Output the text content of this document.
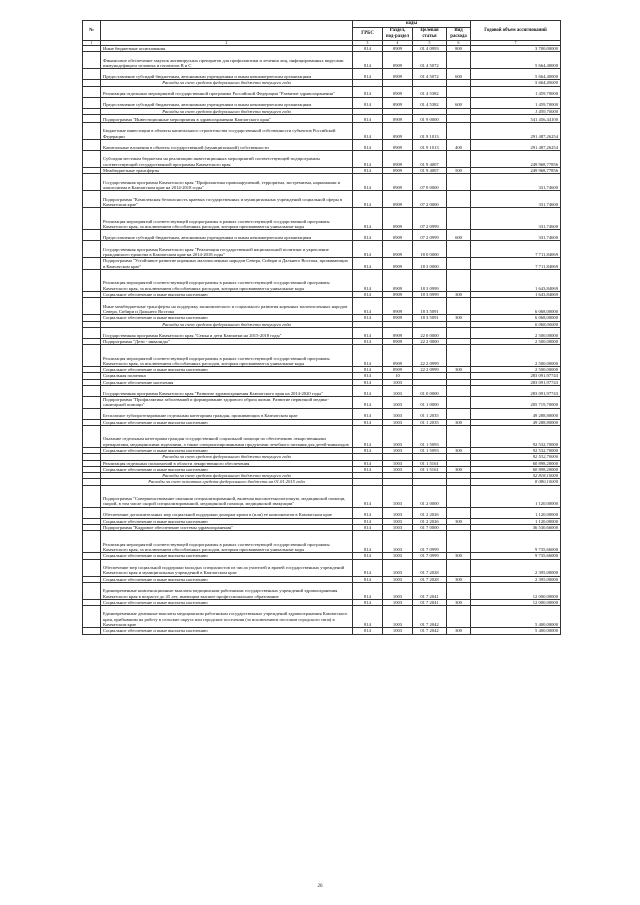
№		коды				Годовой объем ассигнований
		ГРБС	Раздел, под-раздел	Целевая статья	Вид расхода	
1	2	3	4	5	6	7
	Иные бюджетные ассигнования	814	0909	01 4 0993	800	3 700,00000
	Финансовое обеспечение закупок антивирусных препаратов для профилактики и лечения лиц, инфицированных вирусами иммунодефицита человека и гепатитов В и С	814	0909	01 4 5072		5 664,40000
	Предоставление субсидий бюджетным, автономным учреждениям и иным некоммерческим организациям	814	0909	01 4 5072	600	5 664,40000
	Расходы за счет средств федерального бюджета текущего года					5 664,40000
	Реализация отдельных мероприятий государственной программы Российской Федерации "Развитие здравоохранения"	814	0909	01 4 5382		1 459,70000
	Предоставление субсидий бюджетным, автономным учреждениям и иным некоммерческим организациям	814	0909	01 4 5382	600	1 459,70000
	Расходы за счет средств федерального бюджета текущего года					1 459,70000
	Подпрограмма "Инвестиционные мероприятия в здравоохранении Камчатского края"	814	0909	01 9 0000		541 456,44100
	Бюджетные инвестиции в объекты капитального строительства государственной собственности субъектов Российской Федерации	814	0909	01 9 1013		291 487,26254
	Капитальные вложения в объекты государственной (муниципальной) собственности	814	0909	01 9 1013	400	291 487,26254
	Субсидии местным бюджетам на реализацию инвестиционных мероприятий соответствующей подпрограммы соответствующей государственной программы Камчатского края	814	0909	01 9 4007		249 968,77856
	Межбюджетные трансферты	814	0909	01 9 4007	500	249 968,77856
	Государственная программа Камчатского края "Профилактика правонарушений, терроризма, экстремизма, наркомании и алкоголизма в Камчатском крае на 2014-2018 годы"	814	0909	07 0 0000		331,74600
	Подпрограмма "Комплексная безопасность краевых государственных и муниципальных учреждений социальной сферы в Камчатском крае"	814	0909	07 2 0000		331,74600
	Реализация мероприятий соответствующей подпрограммы в рамках соответствующей государственной программы Камчатского края, за исключением обособленных расходов, которым присваиваются уникальные коды	814	0909	07 2 0999		331,74600
	Предоставление субсидий бюджетным, автономным учреждениям и иным некоммерческим организациям	814	0909	07 2 0999	600	331,74600
	Государственная программа Камчатского края "Реализация государственной национальной политики и укрепление гражданского единства в Камчатском крае на 2014-2018 годы"	814	0909	18 0 0000		7 711,84069
	Подпрограмма "Устойчивое развитие коренных малочисленных народов Севера, Сибири и Дальнего Востока, проживающих в Камчатском крае"	814	0909	18 3 0000		7 711,84069
	Реализация мероприятий соответствующей подпрограммы в рамках соответствующей государственной программы Камчатского края, за исключением обособленных расходов, которым присваиваются уникальные коды	814	0909	18 3 0999		1 643,84069
	Социальное обеспечение и иные выплаты населению	814	0909	18 3 0999	300	1 643,84069
	Иные межбюджетные трансферты на поддержку экономического и социального развития коренных малочисленных народов Севера, Сибири и Дальнего Востока	814	0909	18 3 5091		6 068,00000
	Социальное обеспечение и иные выплаты населению	814	0909	18 3 5091	300	6 068,00000
	Расходы за счет средств федерального бюджета текущего года					6 068,00000
	Государственная программа Камчатского края "Семья и дети Камчатки на 2015-2018 годы"	814	0909	22 0 0000		2 500,00000
	Подпрограмма "Дети - инвалиды"	814	0909	22 2 0000		2 500,00000
	Реализация мероприятий соответствующей подпрограммы в рамках соответствующей государственной программы Камчатского края, за исключением обособленных расходов, которым присваиваются уникальные коды	814	0909	22 2 0999		2 500,00000
	Социальное обеспечение и иные выплаты населению	814	0909	22 2 0999	300	2 500,00000
	Социальная политика	814	10			283 091,97743
	Социальное обеспечение населения	814	1003			283 091,97743
	Государственная программа Камчатского края "Развитие здравоохранения Камчатского края на 2014-2020 годы"	814	1003	01 0 0000		283 091,97743
	Подпрограмма "Профилактика заболеваний и формирование здорового образа жизни. Развитие первичной медико-санитарной помощи"	814	1003	01 1 0000		205 719,70000
	Бесплатное зубопротезирование отдельным категориям граждан, проживающих в Камчатском крае	814	1003	01 1 2035		49 288,80000
	Социальное обеспечение и иные выплаты населению	814	1003	01 1 2035	300	49 288,80000
	Оказание отдельным категориям граждан государственной социальной помощи по обеспечению лекарственными препаратами, медицинскими изделиями, а также специализированными продуктами лечебного питания для детей-инвалидов	814	1003	01 1 5093		92 532,70000
	Социальное обеспечение и иные выплаты населению	814	1003	01 1 5093	300	92 532,70000
	Расходы за счет средств федерального бюджета текущего года					92 532,70000
	Реализация отдельных полномочий в области лекарственного обеспечения	814	1003	01 1 5161		60 898,20000
	Социальное обеспечение и иные выплаты населению	814	1003	01 1 5161	300	60 898,20000
	Расходы за счет средств федерального бюджета текущего года					52 818,10000
	Расходы за счет остатков средств федерального бюджета на 01.01.2015 года					8 080,10000
	Подпрограмма "Совершенствование оказания специализированной, включая высокотехнологичную, медицинской помощи, скорой, в том числе скорой специализированной, медицинской помощи, медицинской эвакуации"	814	1003	01 2 0000		1 120,00000
	Обеспечение дополнительных мер социальной поддержки донорам крови в (или) ее компонентов в Камчатском крае	814	1003	01 2 2026		1 120,00000
	Социальное обеспечение и иные выплаты населению	814	1003	01 2 2026	300	1 120,00000
	Подпрограмма "Кадровое обеспечение системы здравоохранения"	814	1003	01 7 0000		36 530,66000
	Реализация мероприятий соответствующей подпрограммы в рамках соответствующей государственной программы Камчатского края, за исключением обособленных расходов, которым присваиваются уникальные коды	814	1003	01 7 0999		9 735,66000
	Социальное обеспечение и иные выплаты населению	814	1003	01 7 0999	300	9 735,66000
	Обеспечение мер социальной поддержки молодых специалистов из числа учителей и врачей государственных учреждений Камчатского края и муниципальных учреждений в Камчатском крае	814	1003	01 7 2028		2 395,00000
	Социальное обеспечение и иные выплаты населению	814	1003	01 7 2028	300	2 395,00000
	Единовременные компенсационные выплаты медицинским работникам государственных учреждений здравоохранения Камчатского края в возрасте до 45 лет, имеющим высшее профессиональное образование	814	1003	01 7 2041		12 000,00000
	Социальное обеспечение и иные выплаты населению	814	1003	01 7 2041	300	12 000,00000
	Единовременные денежные выплаты медицинским работникам государственных учреждений здравоохранения Камчатского края, прибывшим на работу в сельские округа или городские поселения (за исключением поселков городского типа) в Камчатском крае	814	1003	01 7 2042		5 400,00000
	Социальное обеспечение и иные выплаты населению	814	1003	01 7 2042	300	5 400,00000
26
